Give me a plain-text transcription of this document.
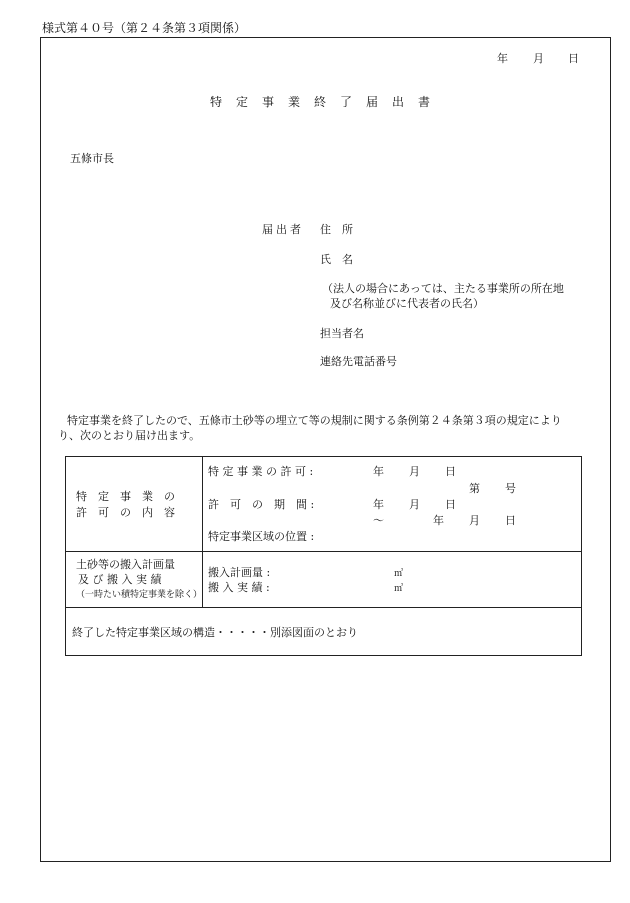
様式第４０号（第２４条第３項関係）
年 月 日
特定事業終了届出書
五條市長
届出者 住　所
氏　名
（法人の場合にあっては、主たる事業所の所在地
及び名称並びに代表者の氏名）
担当者名
連絡先電話番号
特定事業を終了したので、五條市土砂等の埋立て等の規制に関する条例第２４条第３項の規定により
り、次のとおり届け出ます。
特　定　事　業　の
許　可　の　内　容
特 定 事 業 の 許 可 :	年 月 日
第 号
許　可　の　期　間 :	年 月 日
～	年 月 日
特定事業区域の位置 :
土砂等の搬入計画量
及 び 搬 入 実 績
（一時たい積特定事業を除く）
搬入計画量 :	㎥
搬 入 実 績 :	㎥
終了した特定事業区域の構造・・・・・別添図面のとおり
